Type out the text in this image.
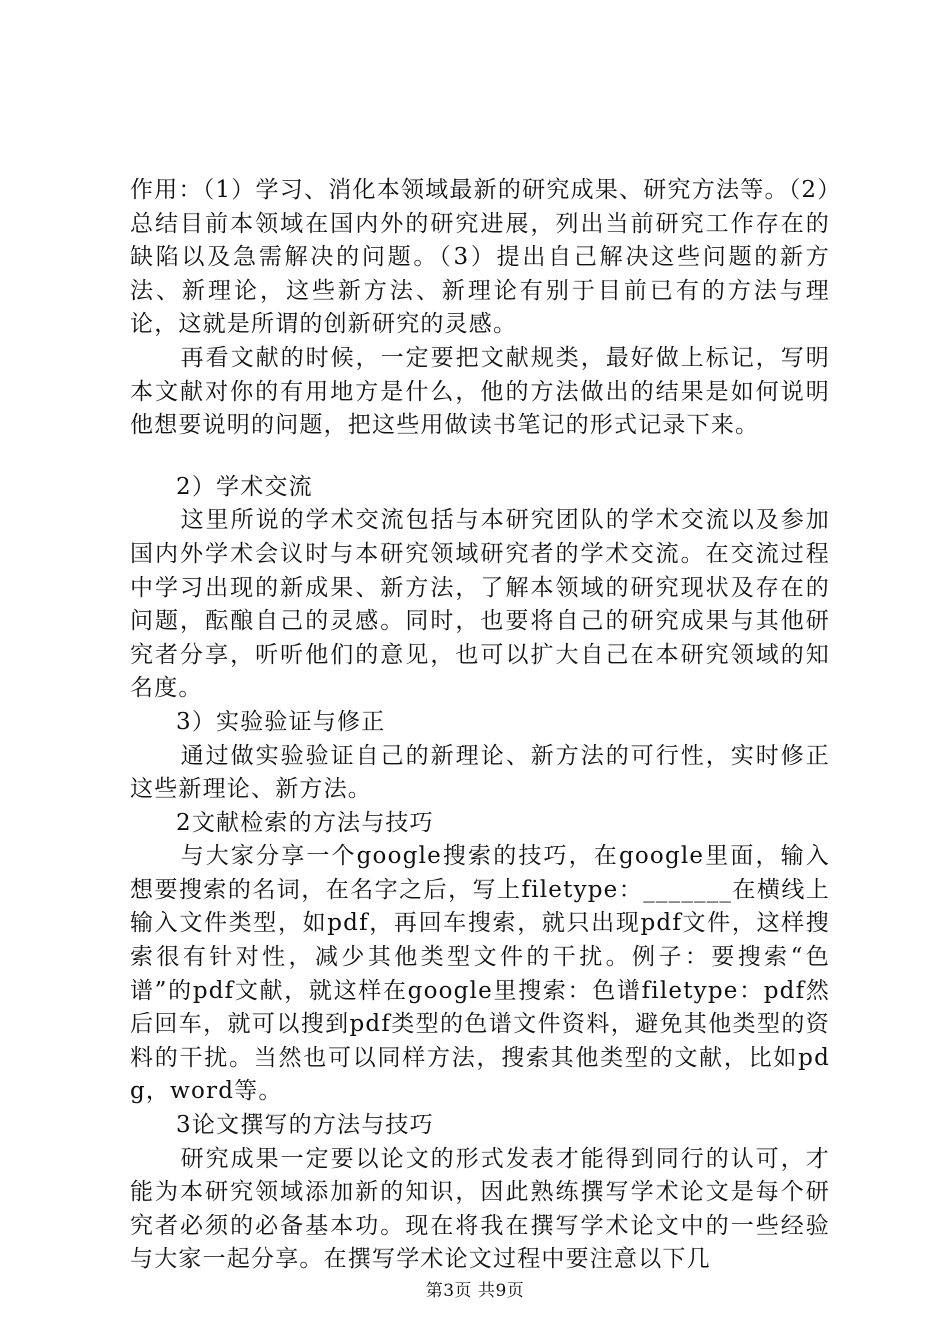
作用：（1）学习、消化本领域最新的研究成果、研究方法等。（2）总结目前本领域在国内外的研究进展，列出当前研究工作存在的缺陷以及急需解决的问题。（3）提出自己解决这些问题的新方法、新理论，这些新方法、新理论有别于目前已有的方法与理论，这就是所谓的创新研究的灵感。

再看文献的时候，一定要把文献规类，最好做上标记，写明本文献对你的有用地方是什么，他的方法做出的结果是如何说明他想要说明的问题，把这些用做读书笔记的形式记录下来。

2）学术交流

这里所说的学术交流包括与本研究团队的学术交流以及参加国内外学术会议时与本研究领域研究者的学术交流。在交流过程中学习出现的新成果、新方法，了解本领域的研究现状及存在的问题，酝酿自己的灵感。同时，也要将自己的研究成果与其他研究者分享，听听他们的意见，也可以扩大自己在本研究领域的知名度。

3）实验验证与修正

通过做实验验证自己的新理论、新方法的可行性，实时修正这些新理论、新方法。

2文献检索的方法与技巧

与大家分享一个google搜索的技巧，在google里面，输入想要搜索的名词，在名字之后，写上filetype：_______在横线上输入文件类型，如pdf，再回车搜索，就只出现pdf文件，这样搜索很有针对性，减少其他类型文件的干扰。例子：要搜索“色谱”的pdf文献，就这样在google里搜索：色谱filetype：pdf然后回车，就可以搜到pdf类型的色谱文件资料，避免其他类型的资料的干扰。当然也可以同样方法，搜索其他类型的文献，比如pdg，word等。

3论文撰写的方法与技巧

研究成果一定要以论文的形式发表才能得到同行的认可，才能为本研究领域添加新的知识，因此熟练撰写学术论文是每个研究者必须的必备基本功。现在将我在撰写学术论文中的一些经验与大家一起分享。在撰写学术论文过程中要注意以下几

第3页 共9页
